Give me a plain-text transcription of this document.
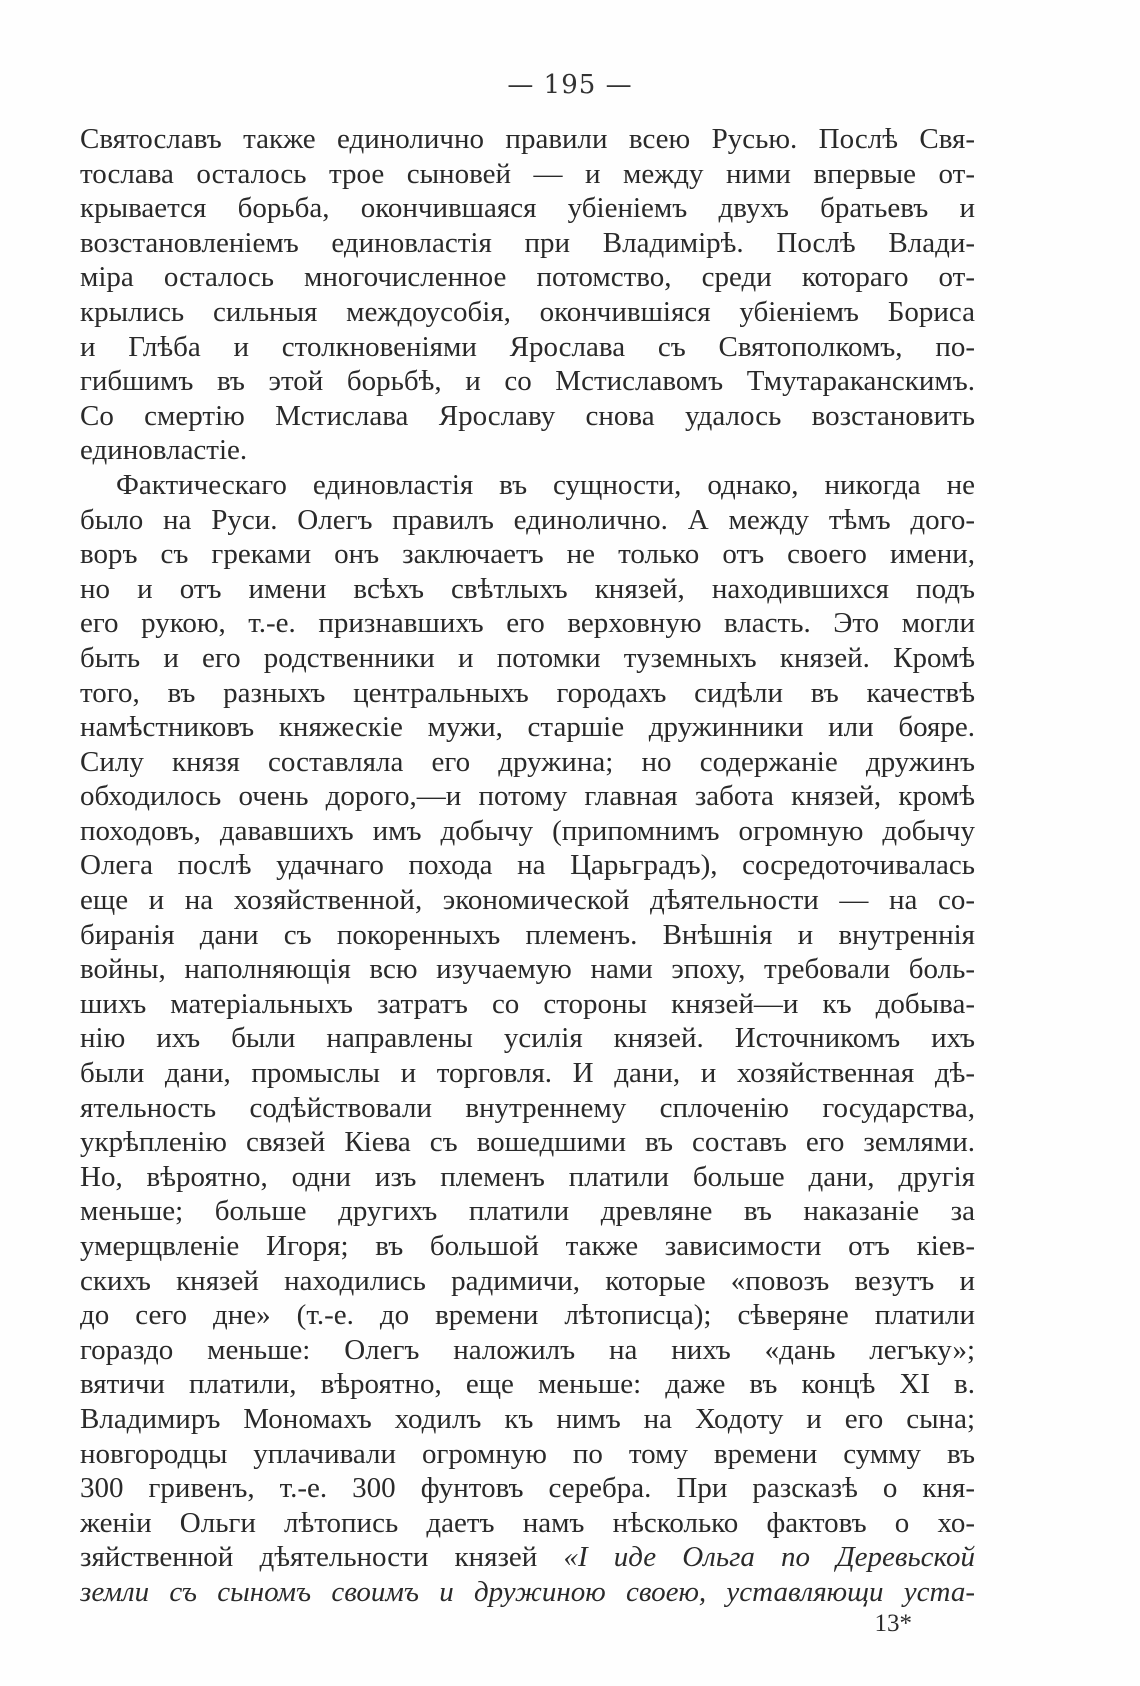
— 195 —

Святославъ также единолично правили всею Русью. Послѣ Свя-
тослава осталось трое сыновей — и между ними впервые от-
крывается борьба, окончившаяся убіеніемъ двухъ братьевъ и
возстановленіемъ единовластія при Владимірѣ. Послѣ Влади-
міра осталось многочисленное потомство, среди котораго от-
крылись сильныя междоусобія, окончившіяся убіеніемъ Бориса
и Глѣба и столкновеніями Ярослава съ Святополкомъ, по-
гибшимъ въ этой борьбѣ, и со Мстиславомъ Тмутараканскимъ.
Со смертію Мстислава Ярославу снова удалось возстановить
единовластіе.

Фактическаго единовластія въ сущности, однако, никогда не
было на Руси. Олегъ правилъ единолично. А между тѣмъ дого-
воръ съ греками онъ заключаетъ не только отъ своего имени,
но и отъ имени всѣхъ свѣтлыхъ князей, находившихся подъ
его рукою, т.-е. признавшихъ его верховную власть. Это могли
быть и его родственники и потомки туземныхъ князей. Кромѣ
того, въ разныхъ центральныхъ городахъ сидѣли въ качествѣ
намѣстниковъ княжескіе мужи, старшіе дружинники или бояре.
Силу князя составляла его дружина; но содержаніе дружинъ
обходилось очень дорого,—и потому главная забота князей, кромѣ
походовъ, дававшихъ имъ добычу (припомнимъ огромную добычу
Олега послѣ удачнаго похода на Царьградъ), сосредоточивалась
еще и на хозяйственной, экономической дѣятельности — на со-
биранія дани съ покоренныхъ племенъ. Внѣшнія и внутреннія
войны, наполняющія всю изучаемую нами эпоху, требовали боль-
шихъ матеріальныхъ затратъ со стороны князей—и къ добыва-
нію ихъ были направлены усилія князей. Источникомъ ихъ
были дани, промыслы и торговля. И дани, и хозяйственная дѣ-
ятельность содѣйствовали внутреннему сплоченію государства,
укрѣпленію связей Кіева съ вошедшими въ составъ его землями.
Но, вѣроятно, одни изъ племенъ платили больше дани, другія
меньше; больше другихъ платили древляне въ наказаніе за
умерщвленіе Игоря; въ большой также зависимости отъ кіев-
скихъ князей находились радимичи, которые «повозъ везутъ и
до сего дне» (т.-е. до времени лѣтописца); сѣверяне платили
гораздо меньше: Олегъ наложилъ на нихъ «дань легъку»;
вятичи платили, вѣроятно, еще меньше: даже въ концѣ XI в.
Владимиръ Мономахъ ходилъ къ нимъ на Ходоту и его сына;
новгородцы уплачивали огромную по тому времени сумму въ
300 гривенъ, т.-е. 300 фунтовъ серебра. При разсказѣ о кня-
женіи Ольги лѣтопись даетъ намъ нѣсколько фактовъ о хо-
зяйственной дѣятельности князей «І иде Ольга по Деревьской
земли съ сыномъ своимъ и дружиною своею, уставляющи уста-

13*
